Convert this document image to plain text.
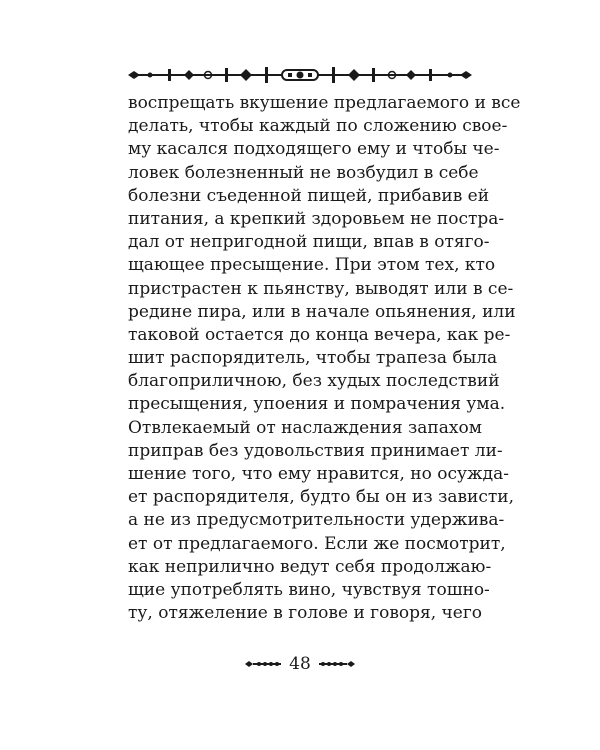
воспрещать вкушение предлагаемого и все
делать, чтобы каждый по сложению свое-
му касался подходящего ему и чтобы че-
ловек болезненный не возбудил в себе
болезни съеденной пищей, прибавив ей
питания, а крепкий здоровьем не постра-
дал от непригодной пищи, впав в отяго-
щающее пресыщение. При этом тех, кто
пристрастен к пьянству, выводят или в се-
редине пира, или в начале опьянения, или
таковой остается до конца вечера, как ре-
шит распорядитель, чтобы трапеза была
благоприличною, без худых последствий
пресыщения, упоения и помрачения ума.
Отвлекаемый от наслаждения запахом
приправ без удовольствия принимает ли-
шение того, что ему нравится, но осужда-
ет распорядителя, будто бы он из зависти,
а не из предусмотрительности удерживa-
ет от предлагаемого. Если же посмотрит,
как неприлично ведут себя продолжаю-
щие употреблять вино, чувствуя тошно-
ту, отяжеление в голове и говоря, чего
48
